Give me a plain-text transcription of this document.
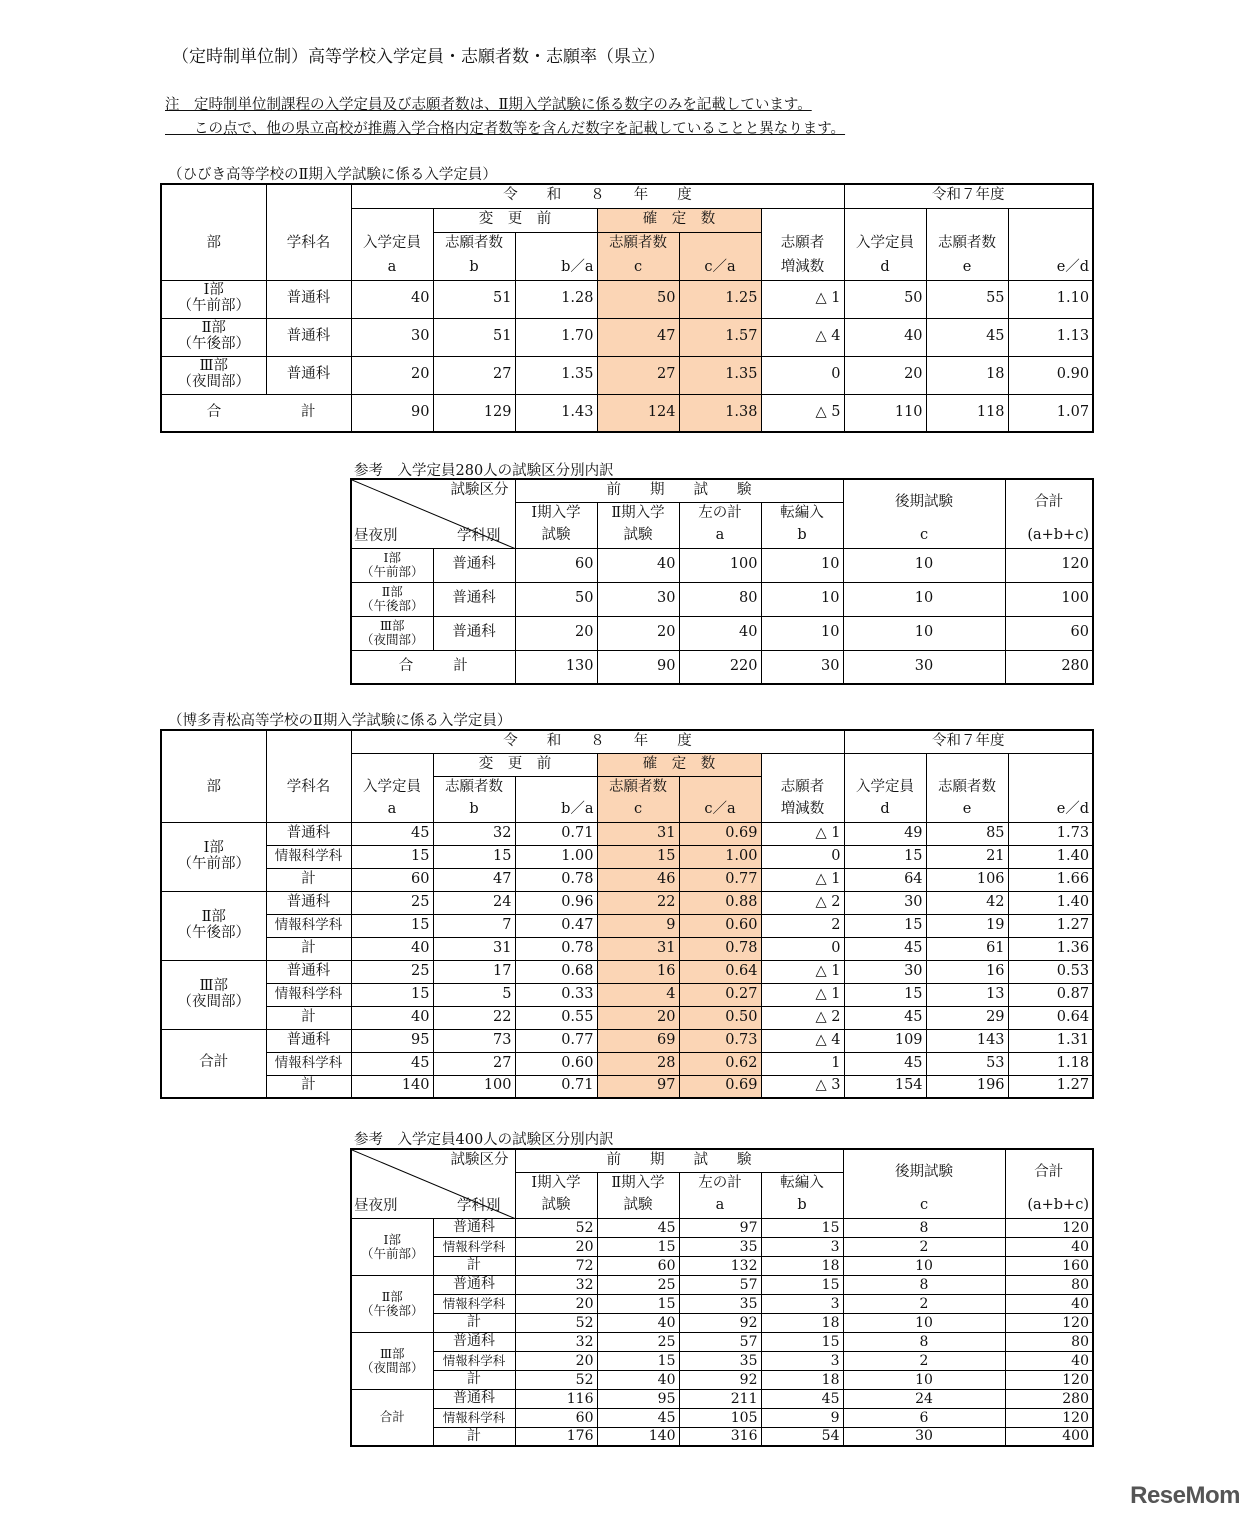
（定時制単位制）高等学校入学定員・志願者数・志願率（県立）
注　定時制単位制課程の入学定員及び志願者数は、Ⅱ期入学試験に係る数字のみを記載しています。
　　この点で、他の県立高校が推薦入学合格内定者数等を含んだ数字を記載していることと異なります。
（ひびき高等学校のⅡ期入学試験に係る入学定員）
		令　　和　　８　　年　　度						令和７年度		
			変　更　前		確　定　数					
部	学科名	入学定員	志願者数		志願者数		志願者	入学定員	志願者数	
		a	b	b／a	c	c／a	増減数	d	e	e／d

Ⅰ部
（午前部）	普通科	40	51	1.28	50	1.25	△ 1	50	55	1.10

Ⅱ部
（午後部）	普通科	30	51	1.70	47	1.57	△ 4	40	45	1.13

Ⅲ部
（夜間部）	普通科	20	27	1.35	27	1.35	0	20	18	0.90
合	計	90	129	1.43	124	1.38	△ 5	110	118	1.07
参考　入学定員280人の試験区分別内訳
試験区分
昼夜別 学科別		前　　期　　試　　験				後期試験	合計
		Ⅰ期入学	Ⅱ期入学	左の計	転編入		
		試験	試験	a	b	c	(a+b+c)

Ⅰ部
（午前部）	普通科	60	40	100	10	10	120

Ⅱ部
（午後部）	普通科	50	30	80	10	10	100

Ⅲ部
（夜間部）	普通科	20	20	40	10	10	60
合 計		130	90	220	30	30	280
（博多青松高等学校のⅡ期入学試験に係る入学定員）
		令　　和　　８　　年　　度						令和７年度		
			変　更　前		確　定　数					
部	学科名	入学定員	志願者数		志願者数		志願者	入学定員	志願者数	
		a	b	b／a	c	c／a	増減数	d	e	e／d

Ⅰ部
（午前部）	普通科	45	32	0.71	31	0.69	△ 1	49	85	1.73
	情報科学科	15	15	1.00	15	1.00	0	15	21	1.40
	計	60	47	0.78	46	0.77	△ 1	64	106	1.66

Ⅱ部
（午後部）	普通科	25	24	0.96	22	0.88	△ 2	30	42	1.40
	情報科学科	15	7	0.47	9	0.60	2	15	19	1.27
	計	40	31	0.78	31	0.78	0	45	61	1.36

Ⅲ部
（夜間部）	普通科	25	17	0.68	16	0.64	△ 1	30	16	0.53
	情報科学科	15	5	0.33	4	0.27	△ 1	15	13	0.87
	計	40	22	0.55	20	0.50	△ 2	45	29	0.64

合計	普通科	95	73	0.77	69	0.73	△ 4	109	143	1.31
	情報科学科	45	27	0.60	28	0.62	1	45	53	1.18
	計	140	100	0.71	97	0.69	△ 3	154	196	1.27
参考　入学定員400人の試験区分別内訳
試験区分
昼夜別 学科別		前　　期　　試　　験				後期試験	合計
		Ⅰ期入学	Ⅱ期入学	左の計	転編入		
		試験	試験	a	b	c	(a+b+c)

Ⅰ部
（午前部）	普通科	52	45	97	15	8	120
	情報科学科	20	15	35	3	2	40
	計	72	60	132	18	10	160

Ⅱ部
（午後部）	普通科	32	25	57	15	8	80
	情報科学科	20	15	35	3	2	40
	計	52	40	92	18	10	120

Ⅲ部
（夜間部）	普通科	32	25	57	15	8	80
	情報科学科	20	15	35	3	2	40
	計	52	40	92	18	10	120

合計	普通科	116	95	211	45	24	280
	情報科学科	60	45	105	9	6	120
	計	176	140	316	54	30	400
ReseMom
